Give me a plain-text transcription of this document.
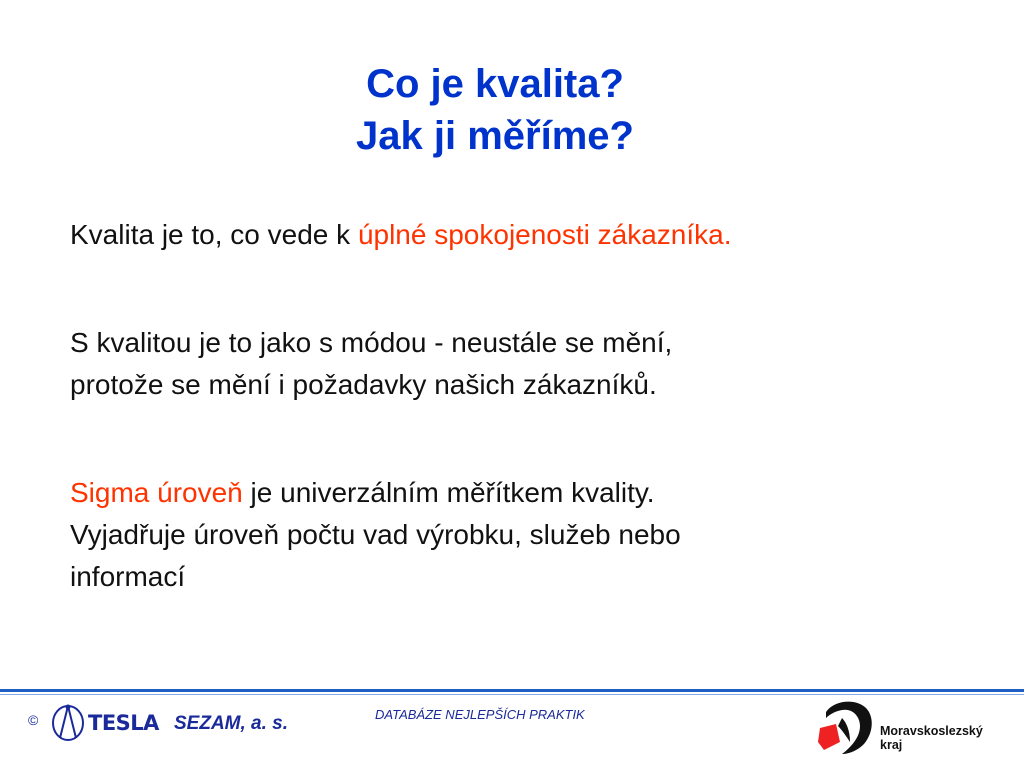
Co je kvalita?
Jak ji měříme?
Kvalita je to, co vede k úplné spokojenosti zákazníka.
S kvalitou je to jako s módou - neustále se mění,
protože se mění i požadavky našich zákazníků.
Sigma úroveň je univerzálním měřítkem kvality.
Vyjadřuje úroveň počtu vad výrobku, služeb nebo
informací
© TESLA SEZAM, a. s.	DATABÁZE NEJLEPŠÍCH PRAKTIK
Moravskoslezský
kraj
